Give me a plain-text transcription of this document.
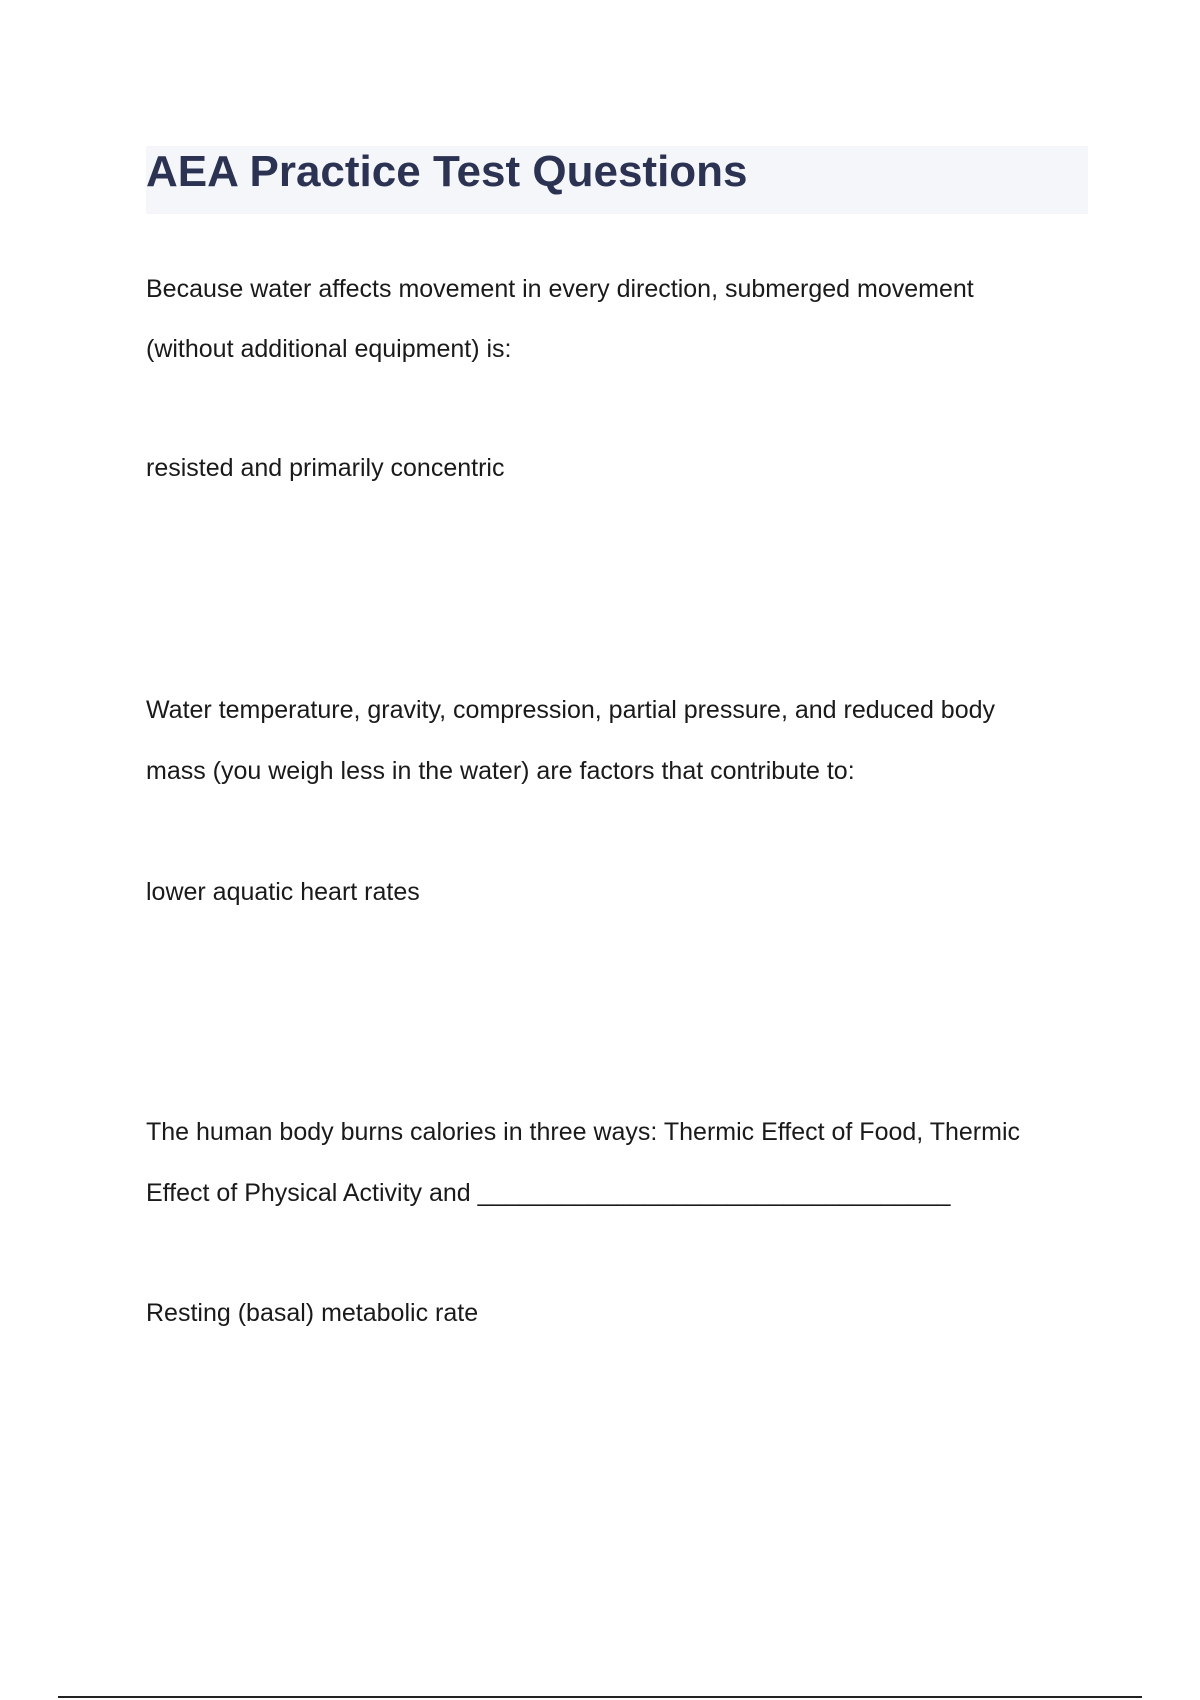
AEA Practice Test Questions
Because water affects movement in every direction, submerged movement
(without additional equipment) is:
resisted and primarily concentric
Water temperature, gravity, compression, partial pressure, and reduced body
mass (you weigh less in the water) are factors that contribute to:
lower aquatic heart rates
The human body burns calories in three ways: Thermic Effect of Food, Thermic
Effect of Physical Activity and __________________________________
Resting (basal) metabolic rate
